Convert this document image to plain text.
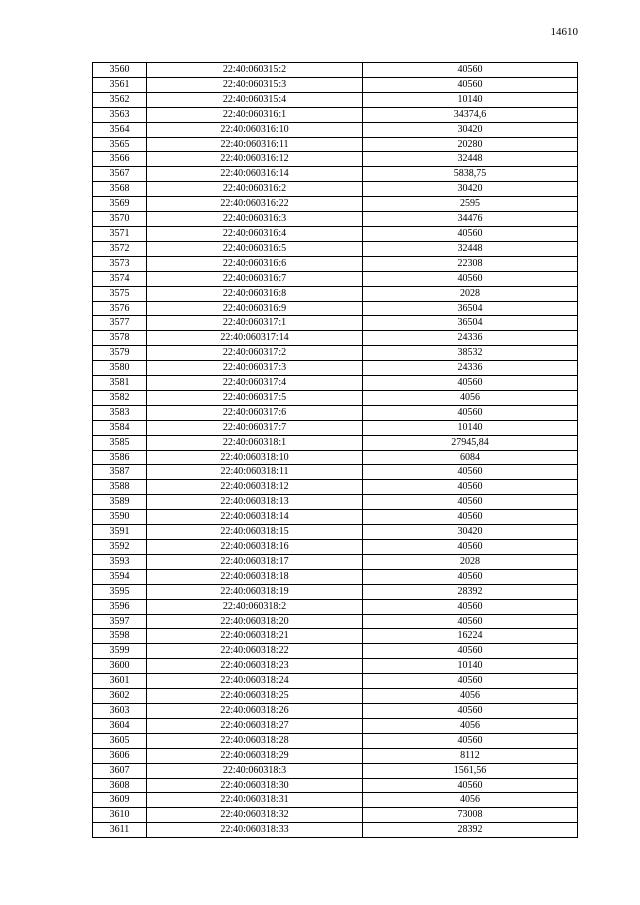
14610
3560	22:40:060315:2	40560
3561	22:40:060315:3	40560
3562	22:40:060315:4	10140
3563	22:40:060316:1	34374,6
3564	22:40:060316:10	30420
3565	22:40:060316:11	20280
3566	22:40:060316:12	32448
3567	22:40:060316:14	5838,75
3568	22:40:060316:2	30420
3569	22:40:060316:22	2595
3570	22:40:060316:3	34476
3571	22:40:060316:4	40560
3572	22:40:060316:5	32448
3573	22:40:060316:6	22308
3574	22:40:060316:7	40560
3575	22:40:060316:8	2028
3576	22:40:060316:9	36504
3577	22:40:060317:1	36504
3578	22:40:060317:14	24336
3579	22:40:060317:2	38532
3580	22:40:060317:3	24336
3581	22:40:060317:4	40560
3582	22:40:060317:5	4056
3583	22:40:060317:6	40560
3584	22:40:060317:7	10140
3585	22:40:060318:1	27945,84
3586	22:40:060318:10	6084
3587	22:40:060318:11	40560
3588	22:40:060318:12	40560
3589	22:40:060318:13	40560
3590	22:40:060318:14	40560
3591	22:40:060318:15	30420
3592	22:40:060318:16	40560
3593	22:40:060318:17	2028
3594	22:40:060318:18	40560
3595	22:40:060318:19	28392
3596	22:40:060318:2	40560
3597	22:40:060318:20	40560
3598	22:40:060318:21	16224
3599	22:40:060318:22	40560
3600	22:40:060318:23	10140
3601	22:40:060318:24	40560
3602	22:40:060318:25	4056
3603	22:40:060318:26	40560
3604	22:40:060318:27	4056
3605	22:40:060318:28	40560
3606	22:40:060318:29	8112
3607	22:40:060318:3	1561,56
3608	22:40:060318:30	40560
3609	22:40:060318:31	4056
3610	22:40:060318:32	73008
3611	22:40:060318:33	28392
